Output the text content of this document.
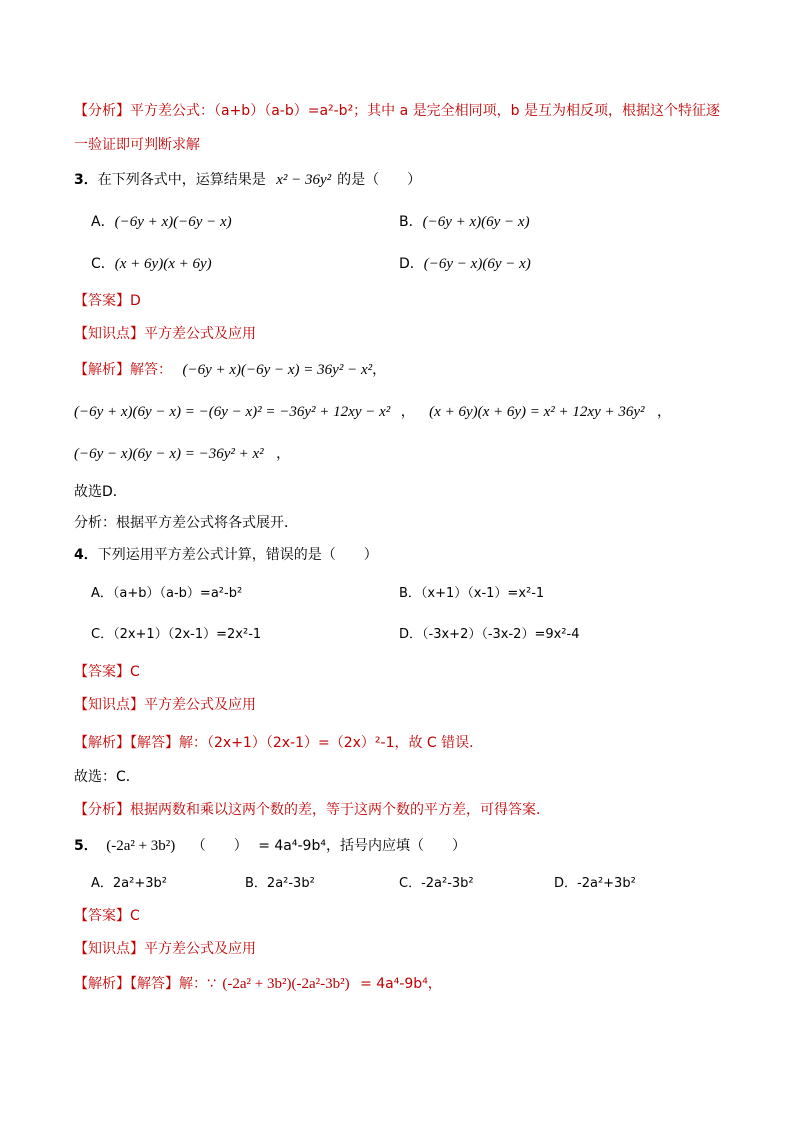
【分析】平方差公式：（a+b）（a-b）=a²-b²；其中 a 是完全相同项，b 是互为相反项，根据这个特征逐
一验证即可判断求解
3．在下列各式中，运算结果是 x² − 36y² 的是（　　）
A．(−6y + x)(−6y − x)	B．(−6y + x)(6y − x)
C．(x + 6y)(x + 6y)	D．(−6y − x)(6y − x)
【答案】D
【知识点】平方差公式及应用
【解析】解答： (−6y + x)(−6y − x) = 36y² − x²，
(−6y + x)(6y − x) = −(6y − x)² = −36y² + 12xy − x² ， (x + 6y)(x + 6y) = x² + 12xy + 36y² ，
(−6y − x)(6y − x) = −36y² + x² ，
故选D．
分析：根据平方差公式将各式展开．
4．下列运用平方差公式计算，错误的是（　　）
A．（a+b）（a-b）=a²-b²	B．（x+1）（x-1）=x²-1
C．（2x+1）（2x-1）=2x²-1	D．（-3x+2）（-3x-2）=9x²-4
【答案】C
【知识点】平方差公式及应用
【解析】【解答】解：（2x+1）（2x-1）=（2x）²-1，故 C 错误．
故选：C．
【分析】根据两数和乘以这两个数的差，等于这两个数的平方差，可得答案．
5． (-2a² + 3b²) （　　） = 4a⁴-9b⁴，括号内应填（　　）
A．2a²+3b²	B．2a²-3b²	C．-2a²-3b²	D．-2a²+3b²
【答案】C
【知识点】平方差公式及应用
【解析】【解答】解：∵ (-2a² + 3b²)(-2a²-3b²) = 4a⁴-9b⁴，
